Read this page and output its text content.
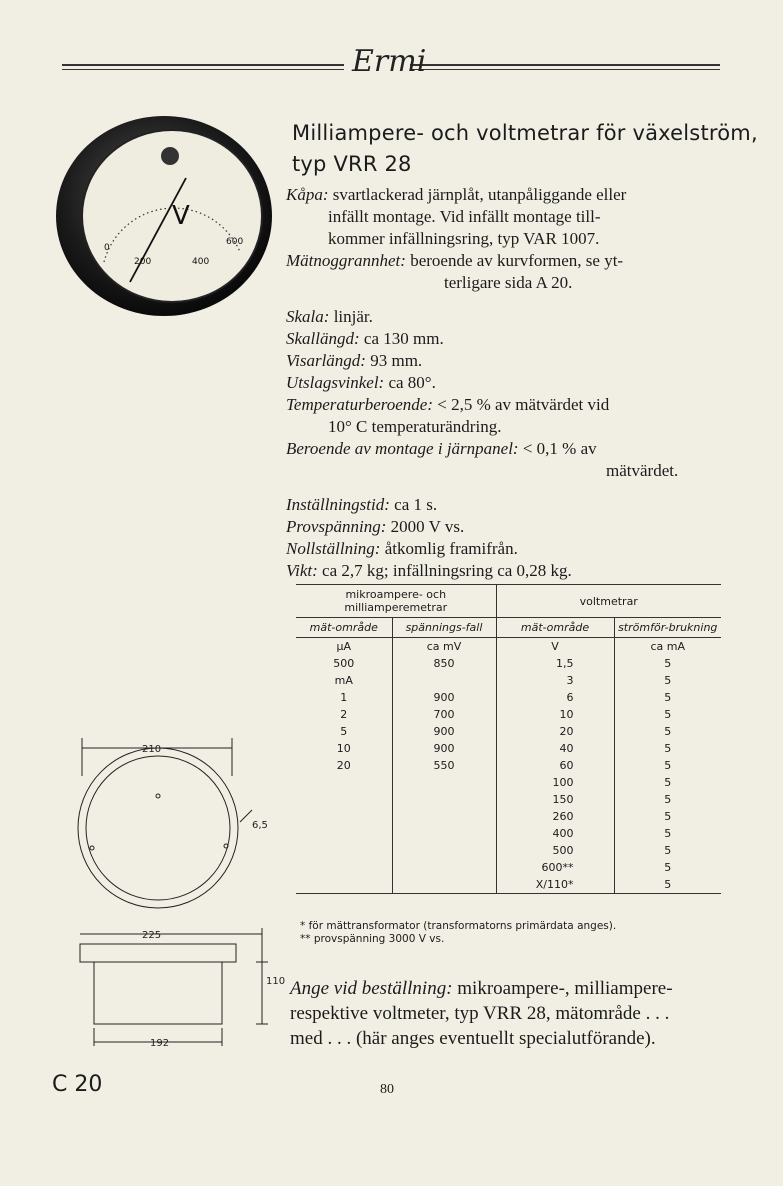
Ermi
V
0
200	400
600
Milliampere- och voltmetrar för växelström,
typ VRR 28
Kåpa: svartlackerad järnplåt, utanpåliggande eller
infällt montage. Vid infällt montage till-
kommer infällningsring, typ VAR 1007.
Mätnoggrannhet: beroende av kurvformen, se yt-
terligare sida A 20.
Skala: linjär.
Skallängd: ca 130 mm.
Visarlängd: 93 mm.
Utslagsvinkel: ca 80°.
Temperaturberoende: < 2,5 % av mätvärdet vid
10° C temperaturändring.
Beroende av montage i järnpanel: < 0,1 % av
mätvärdet.
Inställningstid: ca 1 s.
Provspänning: 2000 V vs.
Nollställning: åtkomlig framifrån.
Vikt: ca 2,7 kg; infällningsring ca 0,28 kg.
mikroampere- och milliamperemetrar		voltmetrar	
mät-område	spännings-fall	mät-område	strömför-brukning
µA	ca mV	V	ca mA
500	850	1,5	5
mA		3	5
1	900	6	5
2	700	10	5
5	900	20	5
10	900	40	5
20	550	60	5
		100	5
		150	5
		260	5
		400	5
		500	5
		600**	5
		X/110*	5

* för mättransformator (transformatorns primärdata anges).
** provspänning 3000 V vs.
210
6,5
225
110
192
Ange vid beställning: mikroampere-, milliampere-
respektive voltmeter, typ VRR 28, mätområde . . .
med . . . (här anges eventuellt specialutförande).
C 20	80
